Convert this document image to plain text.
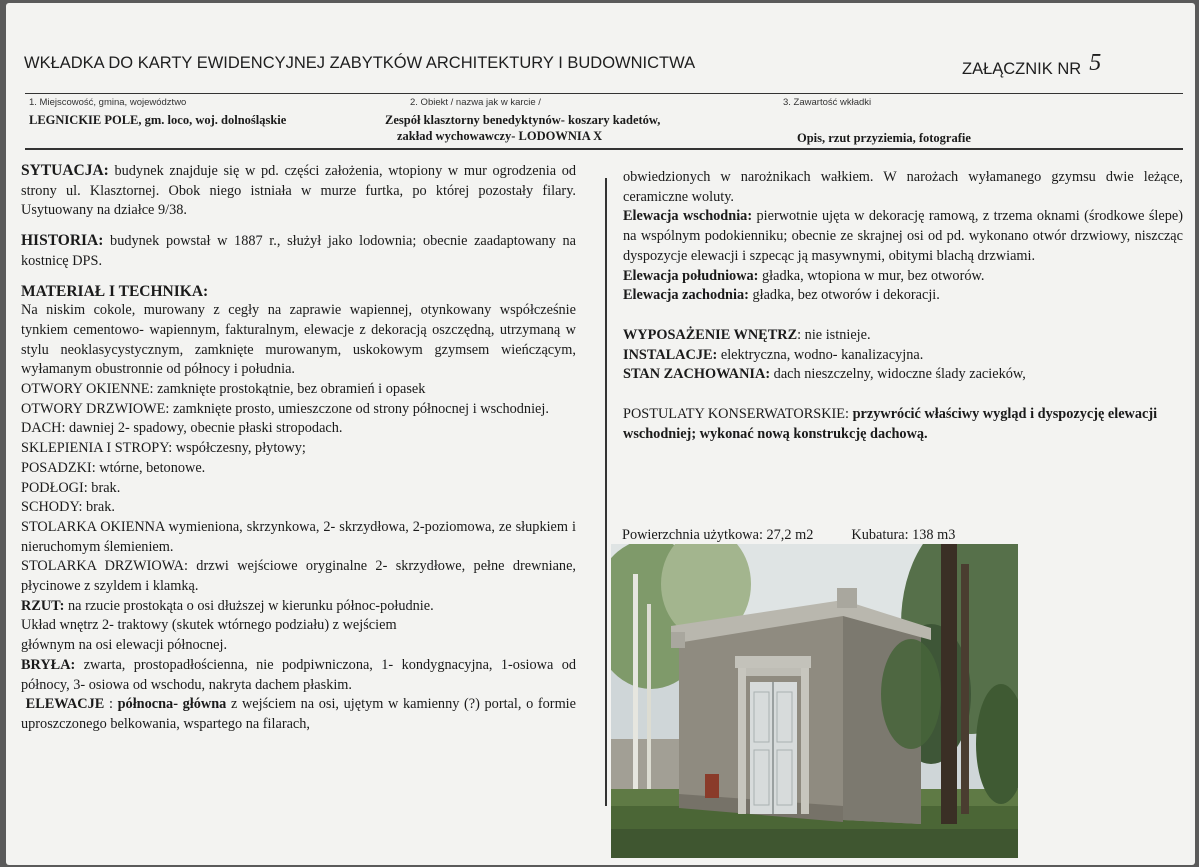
WKŁADKA DO KARTY EWIDENCYJNEJ ZABYTKÓW ARCHITEKTURY I BUDOWNICTWA	ZAŁĄCZNIK NR 5
1. Miejscowość, gmina, województwo
LEGNICKIE POLE, gm. loco, woj. dolnośląskie
2. Obiekt / nazwa jak w karcie /
Zespół klasztorny benedyktynów- koszary kadetów,
zakład wychowawczy- LODOWNIA X
3. Zawartość wkładki
Opis, rzut przyziemia, fotografie

SYTUACJA: budynek znajduje się w pd. części założenia, wtopiony w mur ogrodzenia od strony ul. Klasztornej. Obok niego istniała w murze furtka, po której pozostały filary. Usytuowany na działce 9/38.

HISTORIA: budynek powstał w 1887 r., służył jako lodownia; obecnie zaadaptowany na kostnicę DPS.

MATERIAŁ I TECHNIKA:

Na niskim cokole, murowany z cegły na zaprawie wapiennej, otynkowany współcześnie tynkiem cementowo- wapiennym, fakturalnym, elewacje z dekoracją oszczędną, utrzymaną w stylu neoklasycystycznym, zamknięte murowanym, uskokowym gzymsem wieńczącym, wyłamanym obustronnie od północy i południa.

OTWORY OKIENNE: zamknięte prostokątnie, bez obramień i opasek

OTWORY DRZWIOWE: zamknięte prosto, umieszczone od strony północnej i wschodniej.

DACH: dawniej 2- spadowy, obecnie płaski stropodach.

SKLEPIENIA I STROPY: współczesny, płytowy;

POSADZKI: wtórne, betonowe.

PODŁOGI: brak.

SCHODY: brak.

STOLARKA OKIENNA wymieniona, skrzynkowa, 2- skrzydłowa, 2-poziomowa, ze słupkiem i nieruchomym ślemieniem.

STOLARKA DRZWIOWA: drzwi wejściowe oryginalne 2- skrzydłowe, pełne drewniane, płycinowe z szyldem i klamką.

RZUT: na rzucie prostokąta o osi dłuższej w kierunku północ-południe.

Układ wnętrz 2- traktowy (skutek wtórnego podziału) z wejściem

głównym na osi elewacji północnej.

BRYŁA: zwarta, prostopadłościenna, nie podpiwniczona, 1- kondygnacyjna, 1-osiowa od północy, 3- osiowa od wschodu, nakryta dachem płaskim.

ELEWACJE : północna- główna z wejściem na osi, ujętym w kamienny (?) portal, o formie uproszczonego belkowania, wspartego na filarach,

obwiedzionych w narożnikach wałkiem. W narożach wyłamanego gzymsu dwie leżące, ceramiczne woluty.

Elewacja wschodnia: pierwotnie ujęta w dekorację ramową, z trzema oknami (środkowe ślepe) na wspólnym podokienniku; obecnie ze skrajnej osi od pd. wykonano otwór drzwiowy, niszcząc dyspozycje elewacji i szpecąc ją masywnymi, obitymi blachą drzwiami.

Elewacja południowa: gładka, wtopiona w mur, bez otworów.

Elewacja zachodnia: gładka, bez otworów i dekoracji.

WYPOSAŻENIE WNĘTRZ: nie istnieje.

INSTALACJE: elektryczna, wodno- kanalizacyjna.

STAN ZACHOWANIA: dach nieszczelny, widoczne ślady zacieków,

POSTULATY KONSERWATORSKIE: przywrócić właściwy wygląd i dyspozycję elewacji wschodniej; wykonać nową konstrukcję dachową.

Powierzchnia użytkowa: 27,2 m2	Kubatura: 138 m3
